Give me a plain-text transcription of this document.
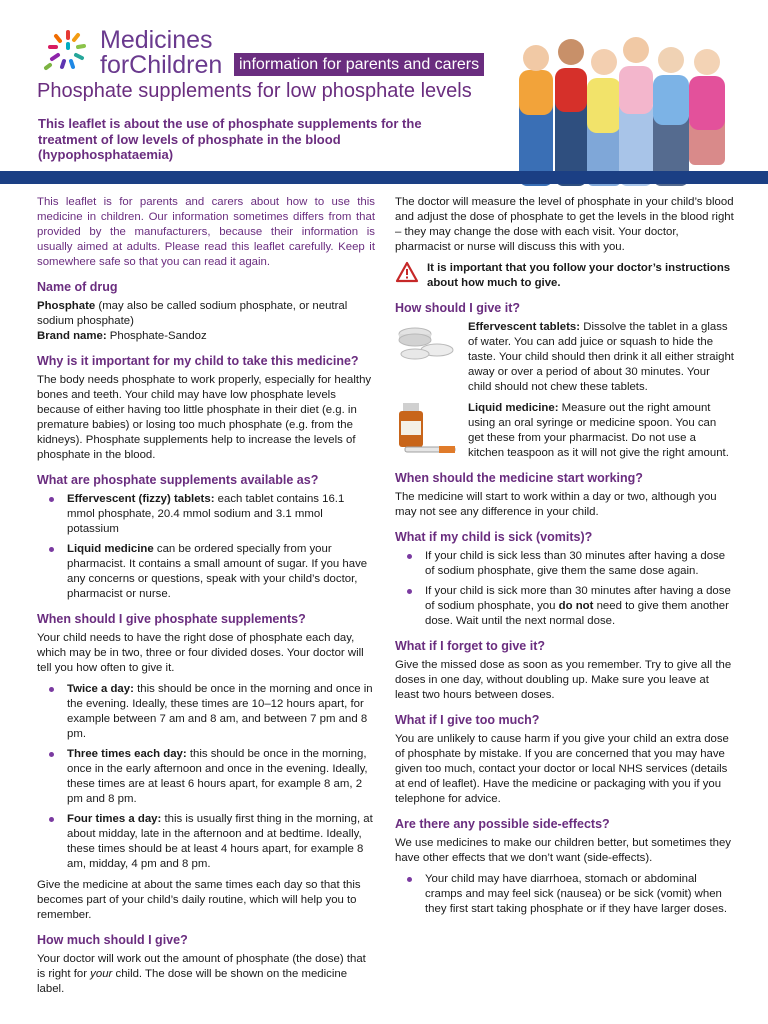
Medicines
forChildren	information for parents and carers
Phosphate supplements for low phosphate levels
This leaflet is about the use of phosphate supplements for the treatment of low levels of phosphate in the blood (hypophosphataemia)

This leaflet is for parents and carers about how to use this medicine in children. Our information sometimes differs from that provided by the manufacturers, because their information is usually aimed at adults. Please read this leaflet carefully. Keep it somewhere safe so that you can read it again.

Name of drug

Phosphate (may also be called sodium phosphate, or neutral sodium phosphate)

Brand name: Phosphate-Sandoz

Why is it important for my child to take this medicine?

The body needs phosphate to work properly, especially for healthy bones and teeth. Your child may have low phosphate levels because of either having too little phosphate in their diet (e.g. in premature babies) or losing too much phosphate (e.g. from the kidneys). Phosphate supplements help to increase the levels of phosphate in the blood.

What are phosphate supplements available as?
Effervescent (fizzy) tablets: each tablet contains 16.1 mmol phosphate, 20.4 mmol sodium and 3.1 mmol potassium
Liquid medicine can be ordered specially from your pharmacist. It contains a small amount of sugar. If you have any concerns or questions, speak with your child’s doctor, pharmacist or nurse.
When should I give phosphate supplements?

Your child needs to have the right dose of phosphate each day, which may be in two, three or four divided doses. Your doctor will tell you how often to give it.

Twice a day: this should be once in the morning and once in the evening. Ideally, these times are 10–12 hours apart, for example between 7 am and 8 am, and between 7 pm and 8 pm.
Three times each day: this should be once in the morning, once in the early afternoon and once in the evening. Ideally, these times are at least 6 hours apart, for example 8 am, 2 pm and 8 pm.
Four times a day: this is usually first thing in the morning, at about midday, late in the afternoon and at bedtime. Ideally, these times should be at least 4 hours apart, for example 8 am, midday, 4 pm and 8 pm.

Give the medicine at about the same times each day so that this becomes part of your child’s daily routine, which will help you to remember.

How much should I give?

Your doctor will work out the amount of phosphate (the dose) that is right for your child. The dose will be shown on the medicine label.

The doctor will measure the level of phosphate in your child’s blood and adjust the dose of phosphate to get the levels in the blood right – they may change the dose with each visit. Your doctor, pharmacist or nurse will discuss this with you.

It is important that you follow your doctor’s instructions about how much to give.
How should I give it?
Effervescent tablets: Dissolve the tablet in a glass of water. You can add juice or squash to hide the taste. Your child should then drink it all either straight away or over a period of about 30 minutes. Your child should not chew these tablets.
Liquid medicine: Measure out the right amount using an oral syringe or medicine spoon. You can get these from your pharmacist. Do not use a kitchen teaspoon as it will not give the right amount.
When should the medicine start working?

The medicine will start to work within a day or two, although you may not see any difference in your child.

What if my child is sick (vomits)?
If your child is sick less than 30 minutes after having a dose of sodium phosphate, give them the same dose again.
If your child is sick more than 30 minutes after having a dose of sodium phosphate, you do not need to give them another dose. Wait until the next normal dose.
What if I forget to give it?

Give the missed dose as soon as you remember. Try to give all the doses in one day, without doubling up. Make sure you leave at least two hours between doses.

What if I give too much?

You are unlikely to cause harm if you give your child an extra dose of phosphate by mistake. If you are concerned that you may have given too much, contact your doctor or local NHS services (details at end of leaflet). Have the medicine or packaging with you if you telephone for advice.

Are there any possible side-effects?

We use medicines to make our children better, but sometimes they have other effects that we don’t want (side-effects).

Your child may have diarrhoea, stomach or abdominal cramps and may feel sick (nausea) or be sick (vomit) when they first start taking phosphate or if they have larger doses.
